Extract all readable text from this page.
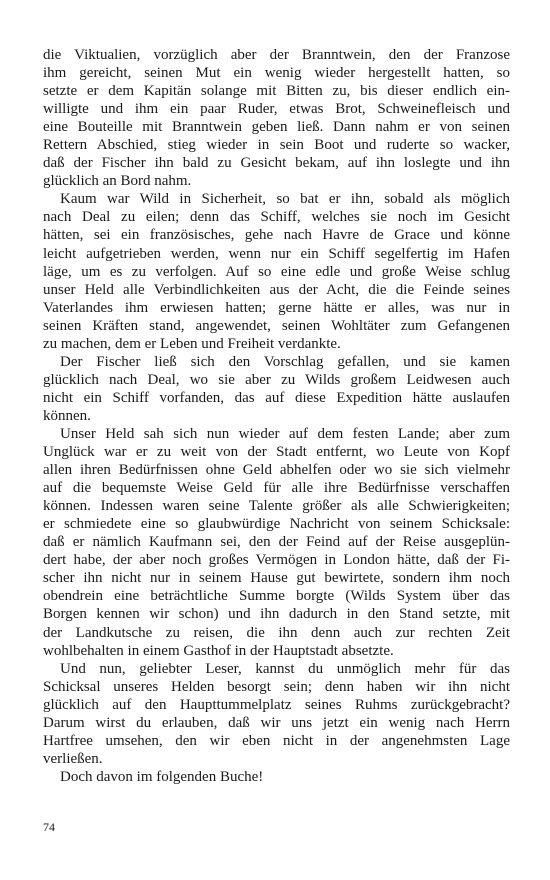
die Viktualien, vorzüglich aber der Branntwein, den der Franzose
ihm gereicht, seinen Mut ein wenig wieder hergestellt hatten, so
setzte er dem Kapitän solange mit Bitten zu, bis dieser endlich ein-
willigte und ihm ein paar Ruder, etwas Brot, Schweinefleisch und
eine Bouteille mit Branntwein geben ließ. Dann nahm er von seinen
Rettern Abschied, stieg wieder in sein Boot und ruderte so wacker,
daß der Fischer ihn bald zu Gesicht bekam, auf ihn loslegte und ihn
glücklich an Bord nahm.
Kaum war Wild in Sicherheit, so bat er ihn, sobald als möglich
nach Deal zu eilen; denn das Schiff, welches sie noch im Gesicht
hätten, sei ein französisches, gehe nach Havre de Grace und könne
leicht aufgetrieben werden, wenn nur ein Schiff segelfertig im Hafen
läge, um es zu verfolgen. Auf so eine edle und große Weise schlug
unser Held alle Verbindlichkeiten aus der Acht, die die Feinde seines
Vaterlandes ihm erwiesen hatten; gerne hätte er alles, was nur in
seinen Kräften stand, angewendet, seinen Wohltäter zum Gefangenen
zu machen, dem er Leben und Freiheit verdankte.
Der Fischer ließ sich den Vorschlag gefallen, und sie kamen
glücklich nach Deal, wo sie aber zu Wilds großem Leidwesen auch
nicht ein Schiff vorfanden, das auf diese Expedition hätte auslaufen
können.
Unser Held sah sich nun wieder auf dem festen Lande; aber zum
Unglück war er zu weit von der Stadt entfernt, wo Leute von Kopf
allen ihren Bedürfnissen ohne Geld abhelfen oder wo sie sich vielmehr
auf die bequemste Weise Geld für alle ihre Bedürfnisse verschaffen
können. Indessen waren seine Talente größer als alle Schwierigkeiten;
er schmiedete eine so glaubwürdige Nachricht von seinem Schicksale:
daß er nämlich Kaufmann sei, den der Feind auf der Reise ausgeplün-
dert habe, der aber noch großes Vermögen in London hätte, daß der Fi-
scher ihn nicht nur in seinem Hause gut bewirtete, sondern ihm noch
obendrein eine beträchtliche Summe borgte (Wilds System über das
Borgen kennen wir schon) und ihn dadurch in den Stand setzte, mit
der Landkutsche zu reisen, die ihn denn auch zur rechten Zeit
wohlbehalten in einem Gasthof in der Hauptstadt absetzte.
Und nun, geliebter Leser, kannst du unmöglich mehr für das
Schicksal unseres Helden besorgt sein; denn haben wir ihn nicht
glücklich auf den Haupttummelplatz seines Ruhms zurückgebracht?
Darum wirst du erlauben, daß wir uns jetzt ein wenig nach Herrn
Hartfree umsehen, den wir eben nicht in der angenehmsten Lage
verließen.
Doch davon im folgenden Buche!
74
